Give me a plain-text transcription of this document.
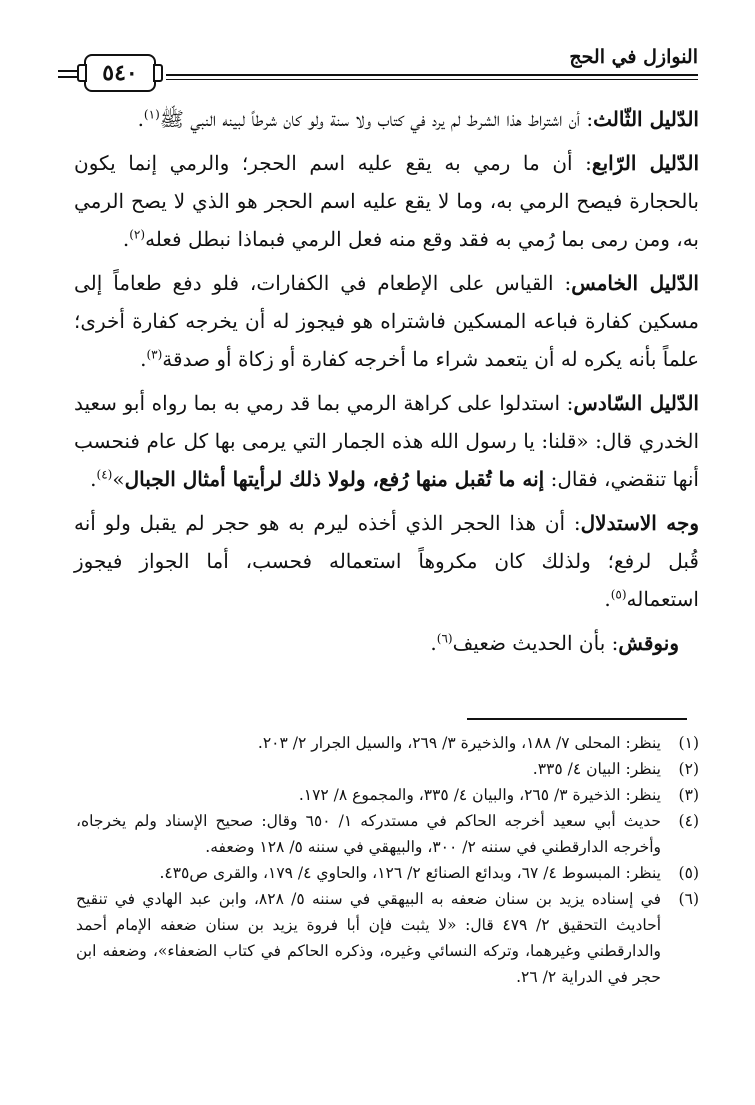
النوازل في الحج
٥٤٠

الدّليل الثّالث: أن اشتراط هذا الشرط لم يرد في كتاب ولا سنة ولو كان شرطاً لبينه النبي ﷺ$^{(١)}$.

الدّليل الرّابع: أن ما رمي به يقع عليه اسم الحجر؛ والرمي إنما يكون بالحجارة فيصح الرمي به، وما لا يقع عليه اسم الحجر هو الذي لا يصح الرمي به، ومن رمى بما رُمي به فقد وقع منه فعل الرمي فبماذا نبطل فعله$^{(٢)}$.

الدّليل الخامس: القياس على الإطعام في الكفارات، فلو دفع طعاماً إلى مسكين كفارة فباعه المسكين فاشتراه هو فيجوز له أن يخرجه كفارة أخرى؛ علماً بأنه يكره له أن يتعمد شراء ما أخرجه كفارة أو زكاة أو صدقة$^{(٣)}$.

الدّليل السّادس: استدلوا على كراهة الرمي بما قد رمي به بما رواه أبو سعيد الخدري قال: «قلنا: يا رسول الله هذه الجمار التي يرمى بها كل عام فنحسب أنها تنقضي، فقال: إنه ما تُقبل منها رُفع، ولولا ذلك لرأيتها أمثال الجبال»$^{(٤)}$.

وجه الاستدلال: أن هذا الحجر الذي أخذه ليرم به هو حجر لم يقبل ولو أنه قُبل لرفع؛ ولذلك كان مكروهاً استعماله فحسب، أما الجواز فيجوز استعماله$^{(٥)}$.

ونوقش: بأن الحديث ضعيف$^{(٦)}$.

(١)
ينظر: المحلى ٧/ ١٨٨، والذخيرة ٣/ ٢٦٩، والسيل الجرار ٢/ ٢٠٣.
(٢)
ينظر: البيان ٤/ ٣٣٥.
(٣)
ينظر: الذخيرة ٣/ ٢٦٥، والبيان ٤/ ٣٣٥، والمجموع ٨/ ١٧٢.
(٤)
حديث أبي سعيد أخرجه الحاكم في مستدركه ١/ ٦٥٠ وقال: صحيح الإسناد ولم يخرجاه، وأخرجه الدارقطني في سننه ٢/ ٣٠٠، والبيهقي في سننه ٥/ ١٢٨ وضعفه.
(٥)
ينظر: المبسوط ٤/ ٦٧، وبدائع الصنائع ٢/ ١٢٦، والحاوي ٤/ ١٧٩، والقرى ص٤٣٥.
(٦)
في إسناده يزيد بن سنان ضعفه به البيهقي في سننه ٥/ ٨٢٨، وابن عبد الهادي في تنقيح أحاديث التحقيق ٢/ ٤٧٩ قال: «لا يثبت فإن أبا فروة يزيد بن سنان ضعفه الإمام أحمد والدارقطني وغيرهما، وتركه النسائي وغيره، وذكره الحاكم في كتاب الضعفاء»، وضعفه ابن حجر في الدراية ٢/ ٢٦.
